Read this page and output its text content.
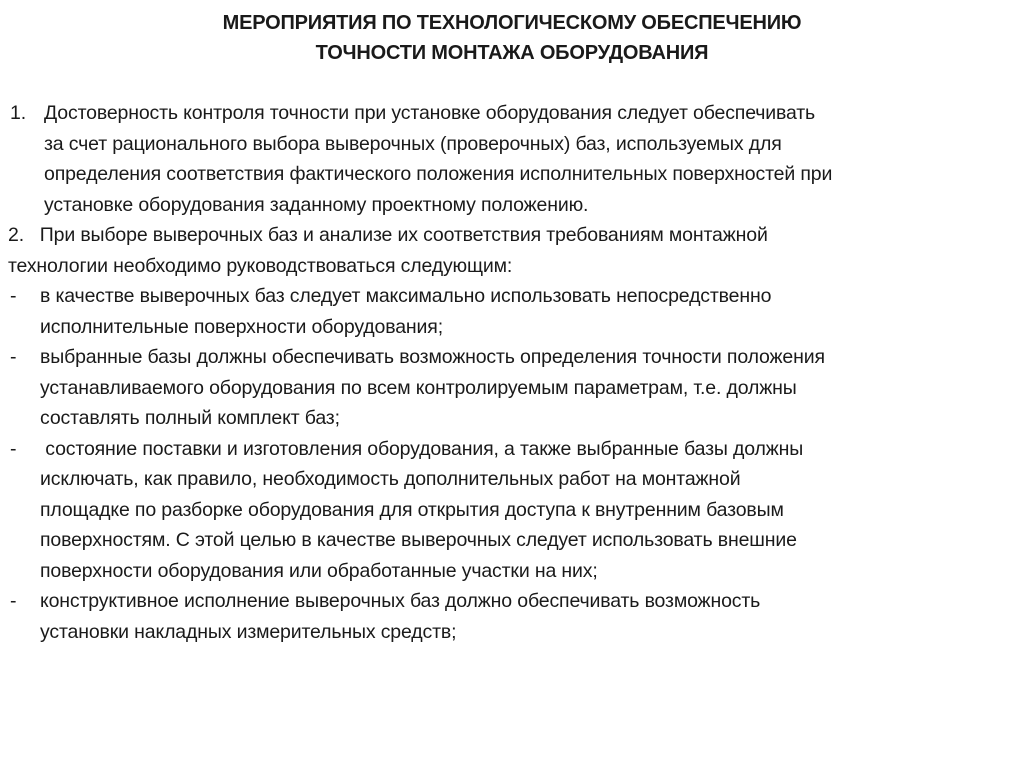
МЕРОПРИЯТИЯ ПО ТЕХНОЛОГИЧЕСКОМУ ОБЕСПЕЧЕНИЮ
ТОЧНОСТИ МОНТАЖА ОБОРУДОВАНИЯ
1. Достоверность контроля точности при установке оборудования следует обеспечивать
за счет рационального выбора выверочных (проверочных) баз, используемых для
определения соответствия фактического положения исполнительных поверхностей при
установке оборудования заданному проектному положению.
2.   При выборе выверочных баз и анализе их соответствия требованиям монтажной
технологии необходимо руководствоваться следующим:
- в качестве выверочных баз следует максимально использовать непосредственно
исполнительные поверхности оборудования;
- выбранные базы должны обеспечивать возможность определения точности положения
устанавливаемого оборудования по всем контролируемым параметрам, т.е. должны
составлять полный комплект баз;
- состояние поставки и изготовления оборудования, а также выбранные базы должны
исключать, как правило, необходимость дополнительных работ на монтажной
площадке по разборке оборудования для открытия доступа к внутренним базовым
поверхностям. С этой целью в качестве выверочных следует использовать внешние
поверхности оборудования или обработанные участки на них;
- конструктивное исполнение выверочных баз должно обеспечивать возможность
установки накладных измерительных средств;
